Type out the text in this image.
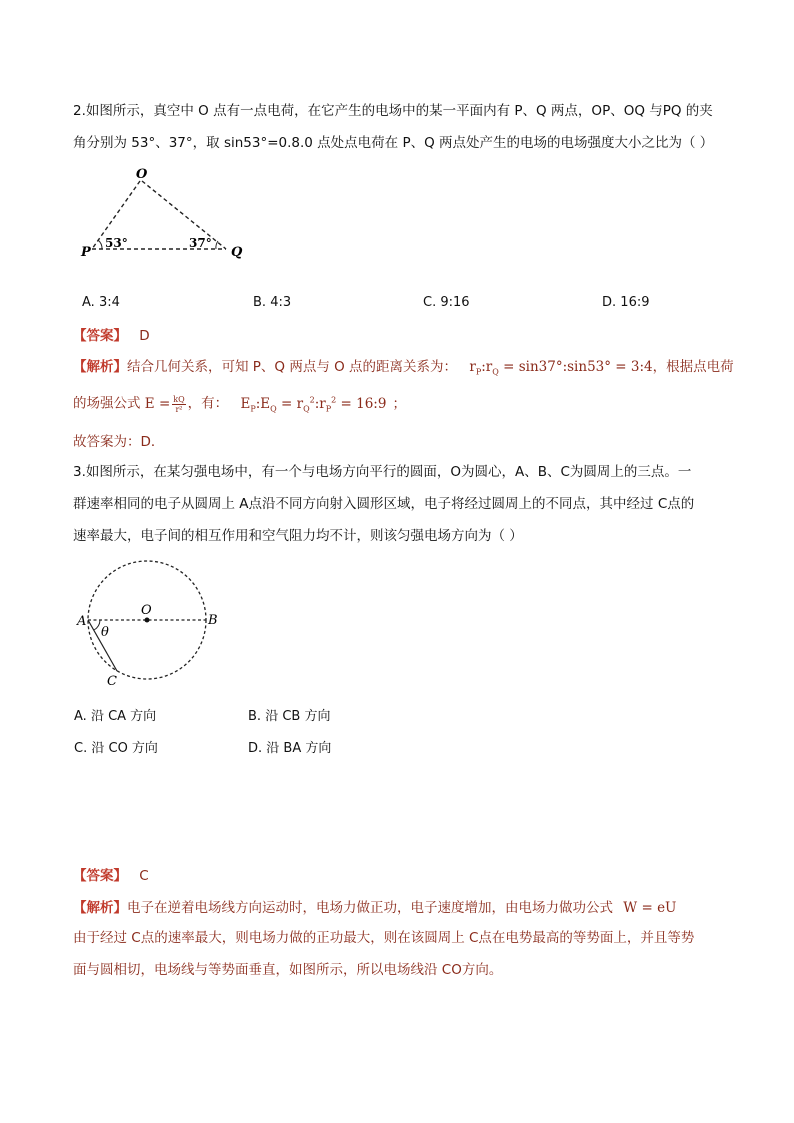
2.如图所示，真空中 O 点有一点电荷，在它产生的电场中的某一平面内有 P、Q 两点，OP、OQ 与PQ 的夹
角分别为 53°、37°，取 sin53°=0.8.0 点处点电荷在 P、Q 两点处产生的电场的电场强度大小之比为（ ）
O
P	Q
53°	37°
A. 3:4	B. 4:3	C. 9:16	D. 16:9
【答案】 D
【解析】结合几何关系，可知 P、Q 两点与 O 点的距离关系为： $r_P:r_Q$ = sin37°:sin53° = 3:4，根据点电荷
的场强公式 $E = \frac{kQ}{\text{r²}}$ ，有： $E_P:E_Q$ = $r_Q^2:r_P^2$ = 16:9 ；
故答案为：D．
3.如图所示，在某匀强电场中，有一个与电场方向平行的圆面，O为圆心，A、B、C为圆周上的三点。一
群速率相同的电子从圆周上 A点沿不同方向射入圆形区域，电子将经过圆周上的不同点，其中经过 C点的
速率最大，电子间的相互作用和空气阻力均不计，则该匀强电场方向为（ ）
O
A	B
C
θ
A. 沿 CA 方向	B. 沿 CB 方向
C. 沿 CO 方向	D. 沿 BA 方向
【答案】 C
【解析】电子在逆着电场线方向运动时，电场力做正功，电子速度增加，由电场力做功公式 W = eU
由于经过 C点的速率最大，则电场力做的正功最大，则在该圆周上 C点在电势最高的等势面上，并且等势
面与圆相切，电场线与等势面垂直，如图所示，所以电场线沿 CO方向。
